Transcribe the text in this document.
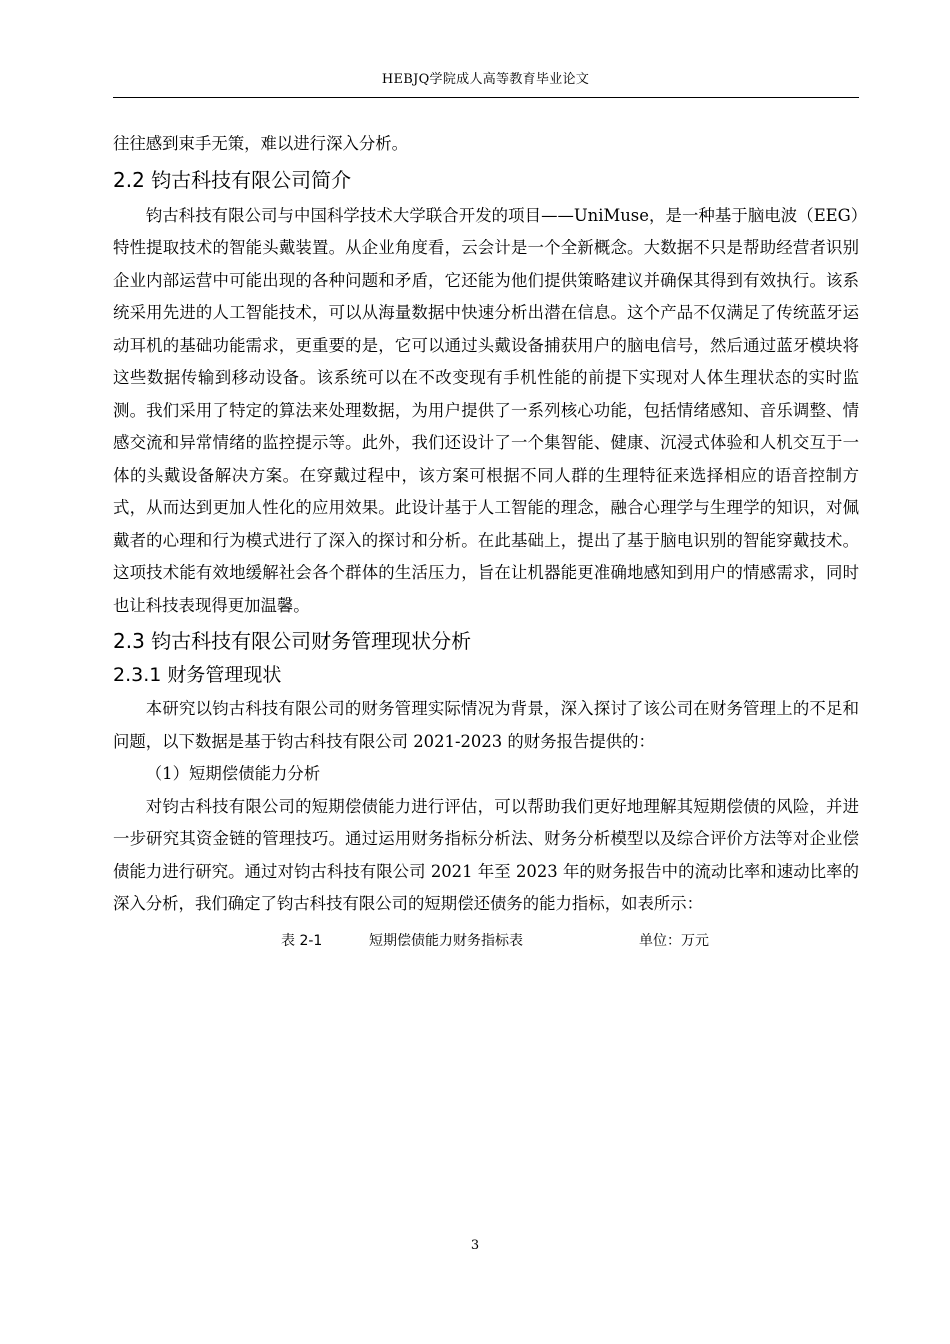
HEBJQ学院成人高等教育毕业论文

往往感到束手无策，难以进行深入分析。

2.2 钧古科技有限公司简介

钧古科技有限公司与中国科学技术大学联合开发的项目——UniMuse，是一种基于脑电波（EEG）特性提取技术的智能头戴装置。从企业角度看，云会计是一个全新概念。大数据不只是帮助经营者识别企业内部运营中可能出现的各种问题和矛盾，它还能为他们提供策略建议并确保其得到有效执行。该系统采用先进的人工智能技术，可以从海量数据中快速分析出潜在信息。这个产品不仅满足了传统蓝牙运动耳机的基础功能需求，更重要的是，它可以通过头戴设备捕获用户的脑电信号，然后通过蓝牙模块将这些数据传输到移动设备。该系统可以在不改变现有手机性能的前提下实现对人体生理状态的实时监测。我们采用了特定的算法来处理数据，为用户提供了一系列核心功能，包括情绪感知、音乐调整、情感交流和异常情绪的监控提示等。此外，我们还设计了一个集智能、健康、沉浸式体验和人机交互于一体的头戴设备解决方案。在穿戴过程中，该方案可根据不同人群的生理特征来选择相应的语音控制方式，从而达到更加人性化的应用效果。此设计基于人工智能的理念，融合心理学与生理学的知识，对佩戴者的心理和行为模式进行了深入的探讨和分析。在此基础上，提出了基于脑电识别的智能穿戴技术。这项技术能有效地缓解社会各个群体的生活压力，旨在让机器能更准确地感知到用户的情感需求，同时也让科技表现得更加温馨。

2.3 钧古科技有限公司财务管理现状分析

2.3.1 财务管理现状

本研究以钧古科技有限公司的财务管理实际情况为背景，深入探讨了该公司在财务管理上的不足和问题，以下数据是基于钧古科技有限公司 2021-2023 的财务报告提供的：

（1）短期偿债能力分析

对钧古科技有限公司的短期偿债能力进行评估，可以帮助我们更好地理解其短期偿债的风险，并进一步研究其资金链的管理技巧。通过运用财务指标分析法、财务分析模型以及综合评价方法等对企业偿债能力进行研究。通过对钧古科技有限公司 2021 年至 2023 年的财务报告中的流动比率和速动比率的深入分析，我们确定了钧古科技有限公司的短期偿还债务的能力指标，如表所示：

表 2-1	短期偿债能力财务指标表	单位：万元

3
